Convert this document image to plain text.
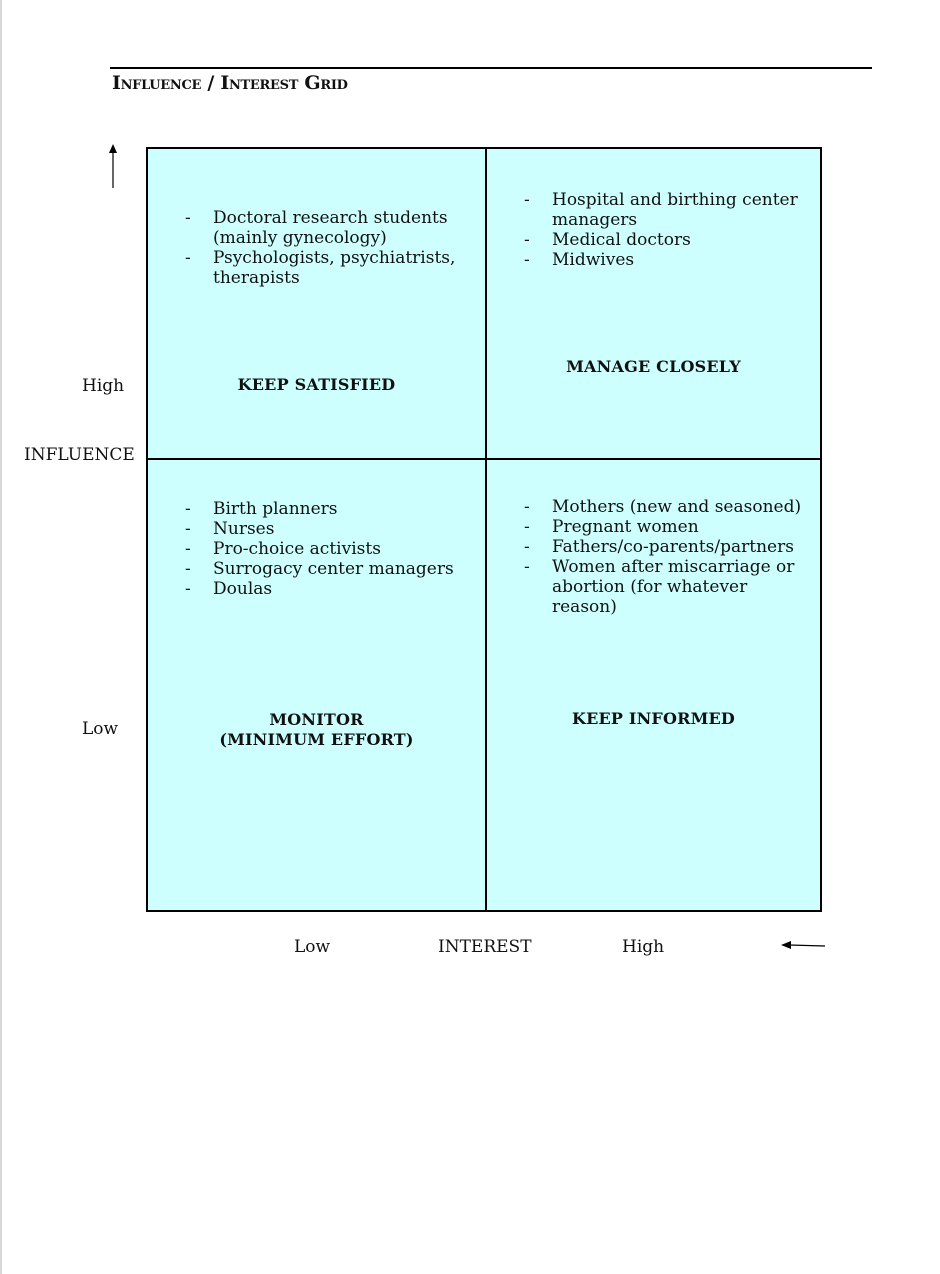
Influence / Interest Grid
High
INFLUENCE
Low
- Doctoral research students (mainly gynecology)
- Psychologists, psychiatrists, therapists
KEEP SATISFIED
- Hospital and birthing center managers
- Medical doctors
- Midwives
MANAGE CLOSELY
- Birth planners
- Nurses
- Pro-choice activists
- Surrogacy center managers
- Doulas
MONITOR
(MINIMUM EFFORT)
- Mothers (new and seasoned)
- Pregnant women
- Fathers/co-parents/partners
- Women after miscarriage or abortion (for whatever reason)
KEEP INFORMED
Low	INTEREST	High
